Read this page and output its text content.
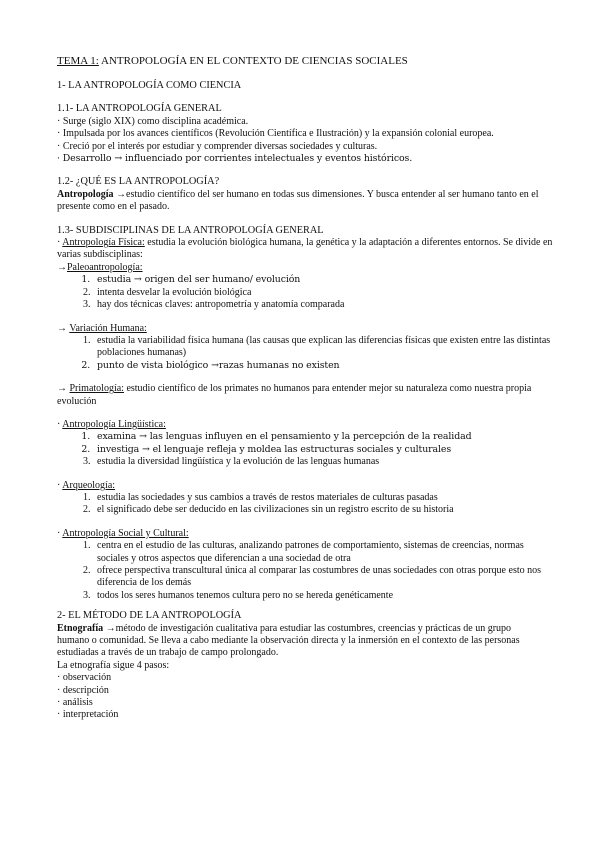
TEMA 1: ANTROPOLOGÍA EN EL CONTEXTO DE CIENCIAS SOCIALES

1- LA ANTROPOLOGÍA COMO CIENCIA

1.1- LA ANTROPOLOGÍA GENERAL

· Surge (siglo XIX) como disciplina académica.

· Impulsada por los avances científicos (Revolución Científica e Ilustración) y la expansión colonial europea.

· Creció por el interés por estudiar y comprender diversas sociedades y culturas.

· Desarrollo → influenciado por corrientes intelectuales y eventos históricos.

1.2- ¿QUÉ ES LA ANTROPOLOGÍA?

Antropología →estudio científico del ser humano en todas sus dimensiones. Y busca entender al ser humano tanto en el presente como en el pasado.

1.3- SUBDISCIPLINAS DE LA ANTROPOLOGÍA GENERAL

· Antropología Física: estudia la evolución biológica humana, la genética y la adaptación a diferentes entornos. Se divide en varias subdisciplinas:

→Paleoantropología:

1. estudia → origen del ser humano/ evolución
2. intenta desvelar la evolución biológica
3. hay dos técnicas claves: antropometría y anatomía comparada

→ Variación Humana:

1. estudia la variabilidad física humana (las causas que explican las diferencias físicas que existen entre las distintas poblaciones humanas)
2. punto de vista biológico →razas humanas no existen

→ Primatología: estudio científico de los primates no humanos para entender mejor su naturaleza como nuestra propia evolución

· Antropología Lingüística:

1. examina → las lenguas influyen en el pensamiento y la percepción de la realidad
2. investiga → el lenguaje refleja y moldea las estructuras sociales y culturales
3. estudia la diversidad lingüística y la evolución de las lenguas humanas

· Arqueología:

1. estudia las sociedades y sus cambios a través de restos materiales de culturas pasadas
2. el significado debe ser deducido en las civilizaciones sin un registro escrito de su historia

· Antropología Social y Cultural:

1. centra en el estudio de las culturas, analizando patrones de comportamiento, sistemas de creencias, normas sociales y otros aspectos que diferencian a una sociedad de otra
2. ofrece perspectiva transcultural única al comparar las costumbres de unas sociedades con otras porque esto nos diferencia de los demás
3. todos los seres humanos tenemos cultura pero no se hereda genéticamente

2- EL MÉTODO DE LA ANTROPOLOGÍA

Etnografía →método de investigación cualitativa para estudiar las costumbres, creencias y prácticas de un grupo

humano o comunidad. Se lleva a cabo mediante la observación directa y la inmersión en el contexto de las personas estudiadas a través de un trabajo de campo prolongado.

La etnografía sigue 4 pasos:

· observación

· descripción

· análisis

· interpretación
